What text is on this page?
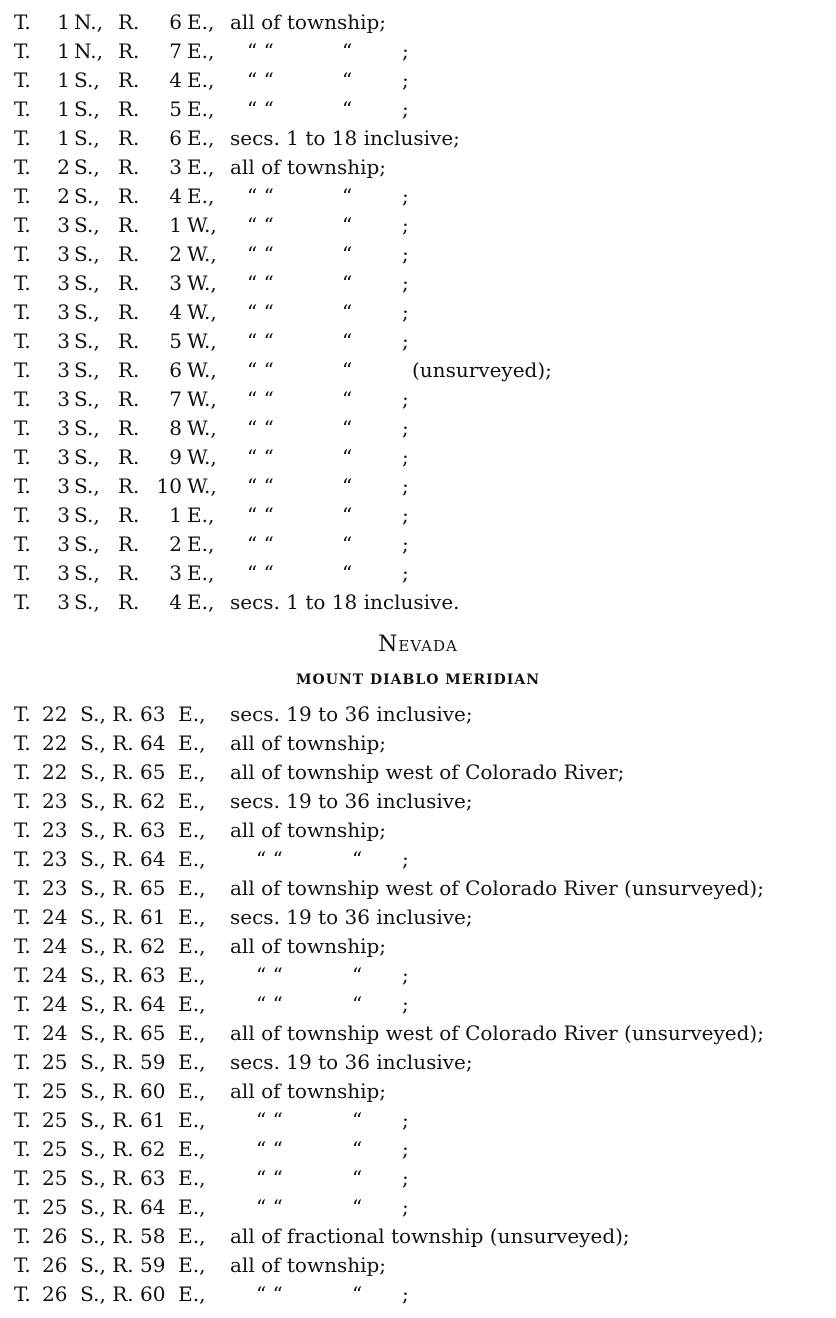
T.	1 N., R.	6 E., all of township;
T.	1 N., R.	7 E., “ “	“ ;
T.	1 S., R.	4 E., “ “	“ ;
T.	1 S., R.	5 E., “ “	“ ;
T.	1 S., R.	6 E., secs. 1 to 18 inclusive;
T.	2 S., R.	3 E., all of township;
T.	2 S., R.	4 E., “ “	“ ;
T.	3 S., R.	1 W., “ “	“ ;
T.	3 S., R.	2 W., “ “	“ ;
T.	3 S., R.	3 W., “ “	“ ;
T.	3 S., R.	4 W., “ “	“ ;
T.	3 S., R.	5 W., “ “	“ ;
T.	3 S., R.	6 W., “ “	“	(unsurveyed);
T.	3 S., R.	7 W., “ “	“ ;
T.	3 S., R.	8 W., “ “	“ ;
T.	3 S., R.	9 W., “ “	“ ;
T.	3 S., R. 10 W., “ “	“ ;
T.	3 S., R.	1 E., “ “	“ ;
T.	3 S., R.	2 E., “ “	“ ;
T.	3 S., R.	3 E., “ “	“ ;
T.	3 S., R.	4 E., secs. 1 to 18 inclusive.
Nevada
MOUNT DIABLO MERIDIAN
T. 22  S., R. 63  E., secs. 19 to 36 inclusive;
T. 22  S., R. 64  E., all of township;
T. 22  S., R. 65  E., all of township west of Colorado River;
T. 23  S., R. 62  E., secs. 19 to 36 inclusive;
T. 23  S., R. 63  E., all of township;
T. 23  S., R. 64  E.,	“ “	“ ;
T. 23  S., R. 65  E., all of township west of Colorado River (unsurveyed);
T. 24  S., R. 61  E., secs. 19 to 36 inclusive;
T. 24  S., R. 62  E., all of township;
T. 24  S., R. 63  E.,	“ “	“ ;
T. 24  S., R. 64  E.,	“ “	“ ;
T. 24  S., R. 65  E., all of township west of Colorado River (unsurveyed);
T. 25  S., R. 59  E., secs. 19 to 36 inclusive;
T. 25  S., R. 60  E., all of township;
T. 25  S., R. 61  E.,	“ “	“ ;
T. 25  S., R. 62  E.,	“ “	“ ;
T. 25  S., R. 63  E.,	“ “	“ ;
T. 25  S., R. 64  E.,	“ “	“ ;
T. 26  S., R. 58  E., all of fractional township (unsurveyed);
T. 26  S., R. 59  E., all of township;
T. 26  S., R. 60  E.,	“ “	“ ;
